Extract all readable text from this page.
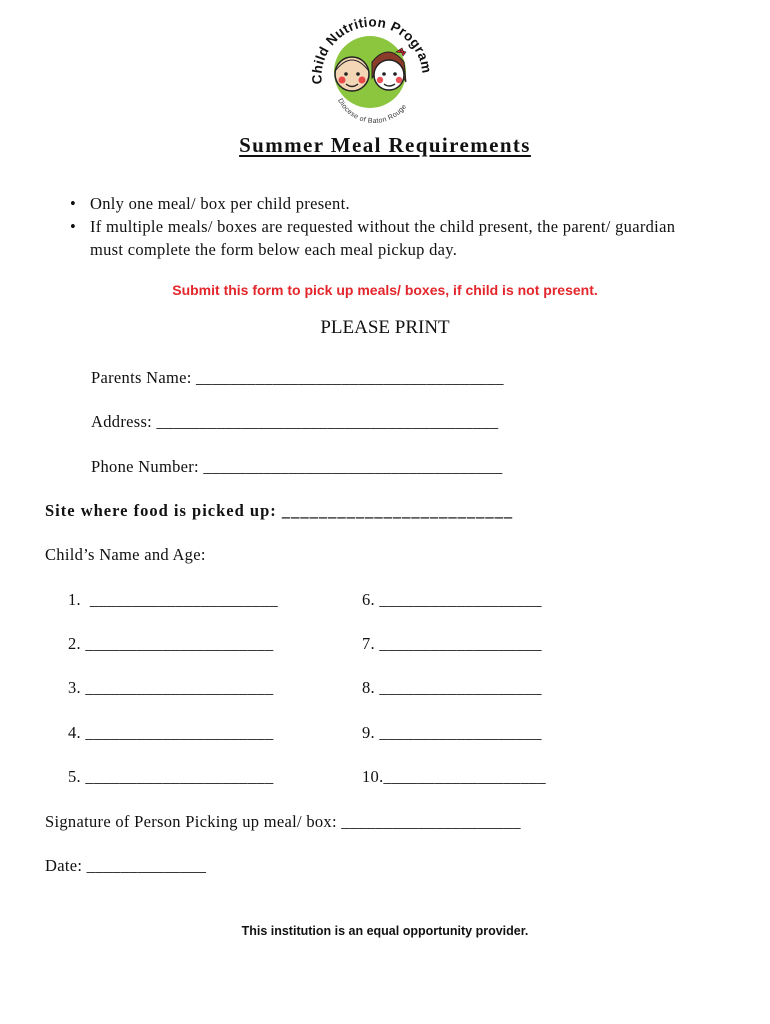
Child Nutrition Program
Diocese of Baton Rouge
Summer Meal Requirements
• Only one meal/ box per child present.
• If multiple meals/ boxes are requested without the child present, the parent/ guardian must complete the form below each meal pickup day.
Submit this form to pick up meals/ boxes, if child is not present.
PLEASE PRINT
Parents Name: ____________________________________
Address: ________________________________________
Phone Number: ___________________________________
Site where food is picked up: _________________________
Child’s Name and Age:
1.  ______________________
2. ______________________
3. ______________________
4. ______________________
5. ______________________
6. ___________________
7. ___________________
8. ___________________
9. ___________________
10.___________________
Signature of Person Picking up meal/ box: _____________________
Date: ______________
This institution is an equal opportunity provider.
